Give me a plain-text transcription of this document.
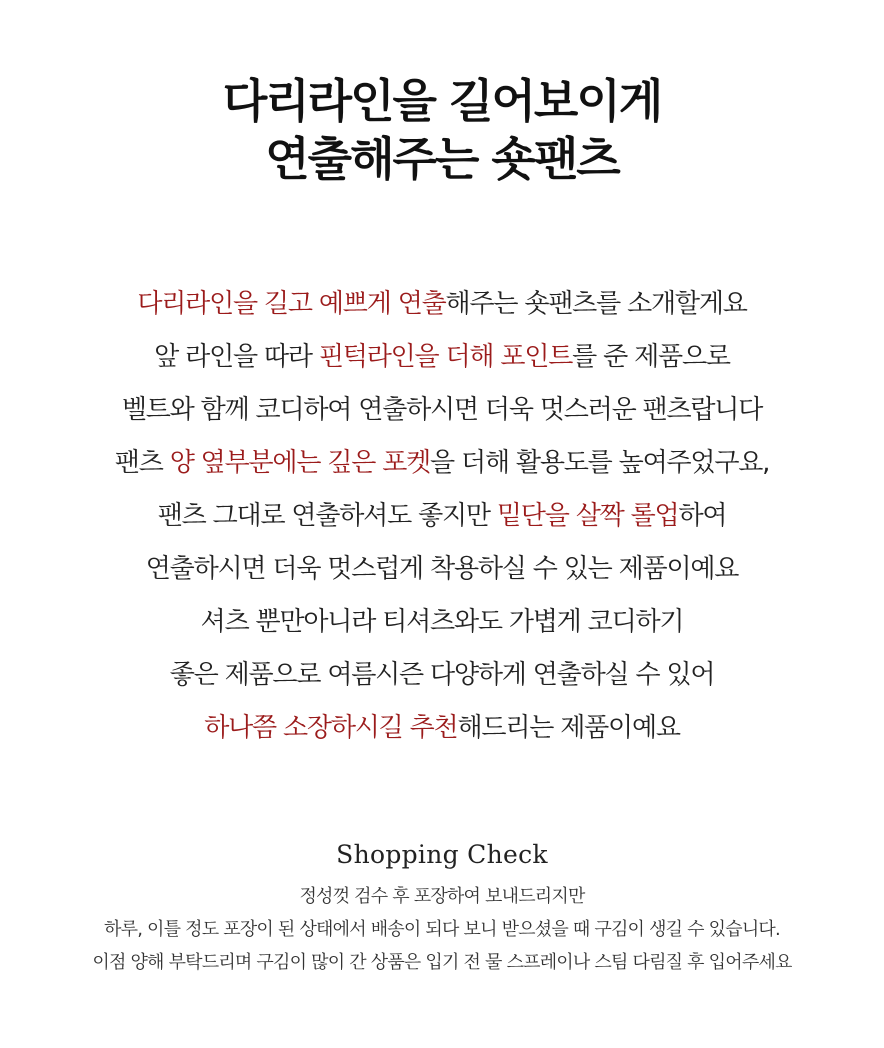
다리라인을 길어보이게
연출해주는 숏팬츠
다리라인을 길고 예쁘게 연출해주는 숏팬츠를 소개할게요
앞 라인을 따라 핀턱라인을 더해 포인트를 준 제품으로
벨트와 함께 코디하여 연출하시면 더욱 멋스러운 팬츠랍니다
팬츠 양 옆부분에는 깊은 포켓을 더해 활용도를 높여주었구요,
팬츠 그대로 연출하셔도 좋지만 밑단을 살짝 롤업하여
연출하시면 더욱 멋스럽게 착용하실 수 있는 제품이예요
셔츠 뿐만아니라 티셔츠와도 가볍게 코디하기
좋은 제품으로 여름시즌 다양하게 연출하실 수 있어
하나쯤 소장하시길 추천해드리는 제품이예요
Shopping Check
정성껏 검수 후 포장하여 보내드리지만
하루, 이틀 정도 포장이 된 상태에서 배송이 되다 보니 받으셨을 때 구김이 생길 수 있습니다.
이점 양해 부탁드리며 구김이 많이 간 상품은 입기 전 물 스프레이나 스팀 다림질 후 입어주세요
